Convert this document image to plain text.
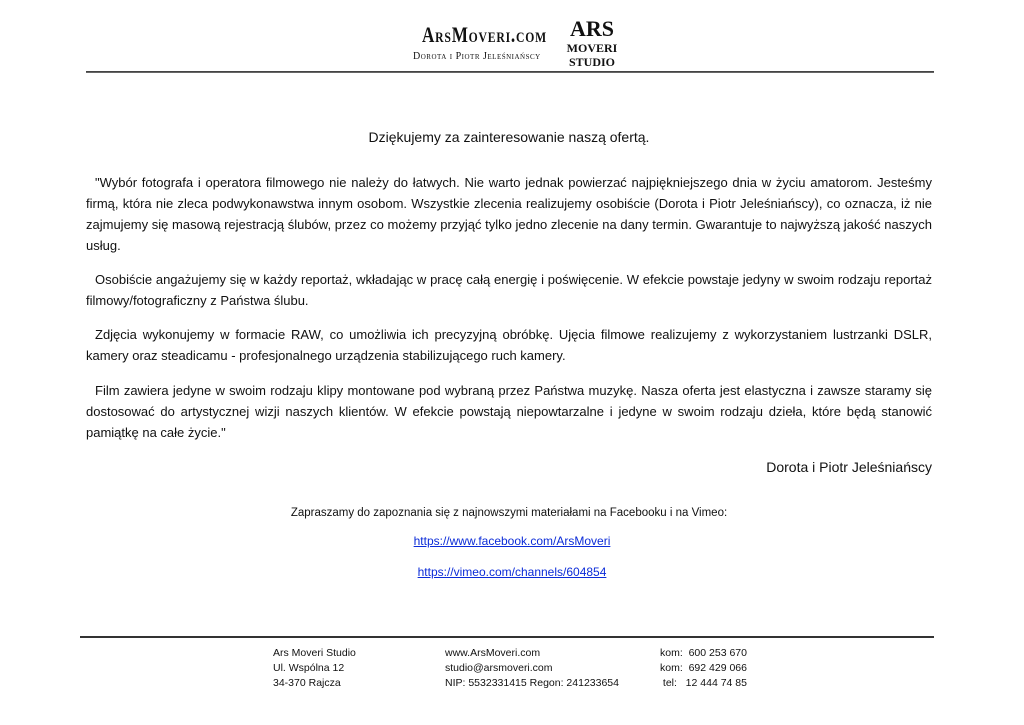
ArsMoveri.com
Dorota i Piotr Jeleśniańscy
ARS
MOVERI
STUDIO
Dziękujemy za zainteresowanie naszą ofertą.

"Wybór fotografa i operatora filmowego nie należy do łatwych. Nie warto jednak powierzać najpiękniejszego dnia w życiu amatorom. Jesteśmy firmą, która nie zleca podwykonawstwa innym osobom. Wszystkie zlecenia realizujemy osobiście (Dorota i Piotr Jeleśniańscy), co oznacza, iż nie zajmujemy się masową rejestracją ślubów, przez co możemy przyjąć tylko jedno zlecenie na dany termin. Gwarantuje to najwyższą jakość naszych usług.

Osobiście angażujemy się w każdy reportaż, wkładając w pracę całą energię i poświęcenie. W efekcie powstaje jedyny w swoim rodzaju reportaż filmowy/fotograficzny z Państwa ślubu.

Zdjęcia wykonujemy w formacie RAW, co umożliwia ich precyzyjną obróbkę. Ujęcia filmowe realizujemy z wykorzystaniem lustrzanki DSLR, kamery oraz steadicamu - profesjonalnego urządzenia stabilizującego ruch kamery.

Film zawiera jedyne w swoim rodzaju klipy montowane pod wybraną przez Państwa muzykę. Nasza oferta jest elastyczna i zawsze staramy się dostosować do artystycznej wizji naszych klientów. W efekcie powstają niepowtarzalne i jedyne w swoim rodzaju dzieła, które będą stanowić pamiątkę na całe życie."

Dorota i Piotr Jeleśniańscy
Zapraszamy do zapoznania się z najnowszymi materiałami na Facebooku i na Vimeo:
https://www.facebook.com/ArsMoveri
https://vimeo.com/channels/604854
Ars Moveri Studio
Ul. Wspólna 12
34-370 Rajcza
www.ArsMoveri.com
studio@arsmoveri.com
NIP: 5532331415 Regon: 241233654
kom:  600 253 670
kom:  692 429 066
tel:   12 444 74 85
